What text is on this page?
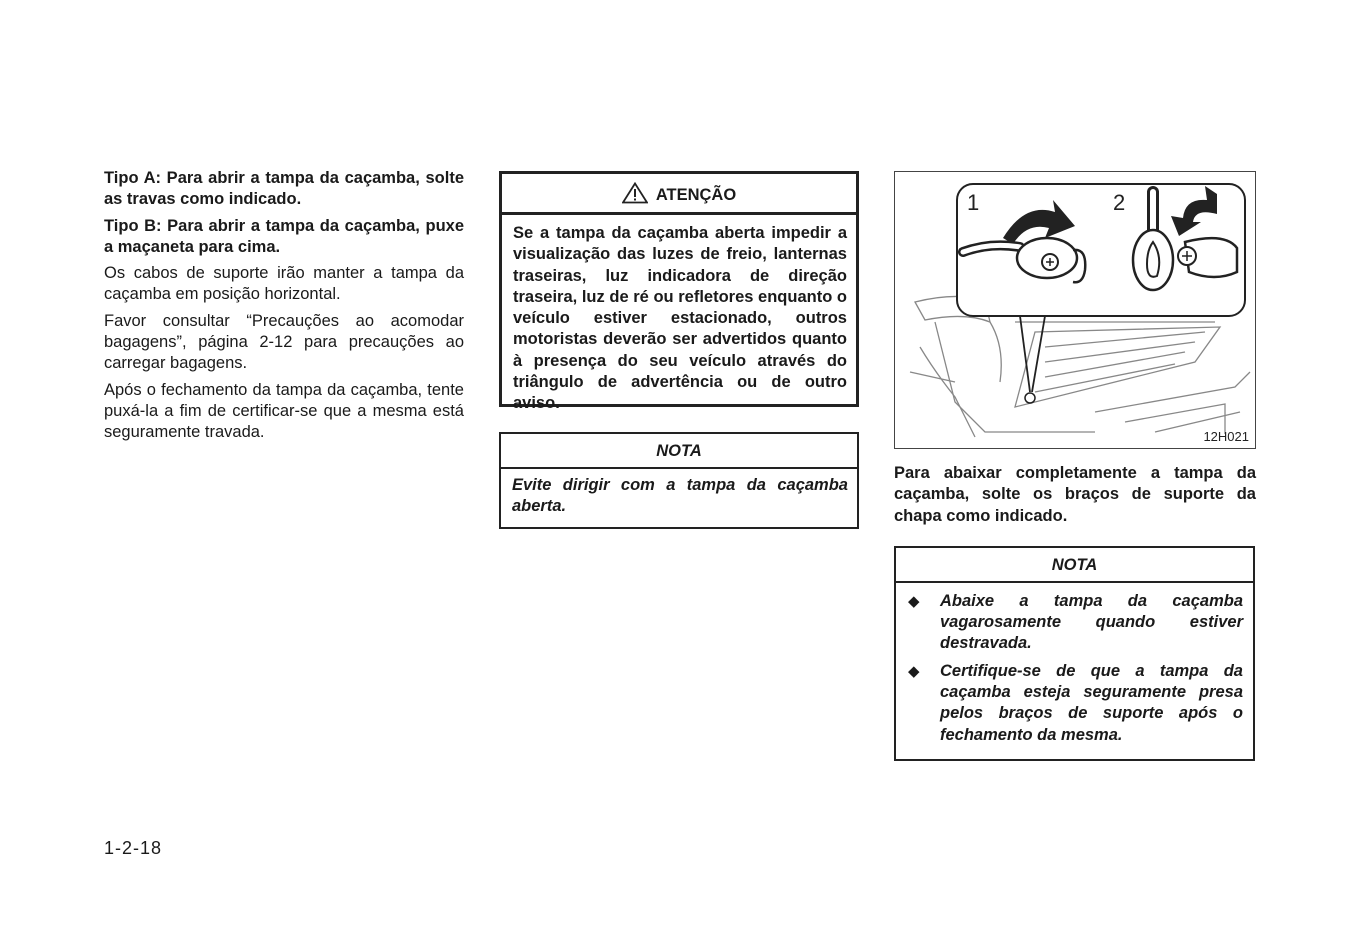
Tipo A: Para abrir a tampa da caçamba, solte as travas como indicado.

Tipo B: Para abrir a tampa da caçamba, puxe a maçaneta para cima.

Os cabos de suporte irão manter a tampa da caçamba em posição horizontal.

Favor consultar “Precauções ao acomodar bagagens”, página 2-12 para precauções ao carregar bagagens.

Após o fechamento da tampa da caçamba, tente puxá-la a fim de certificar-se que a mesma está seguramente travada.

ATENÇÃO
Se a tampa da caçamba aberta impedir a visualização das luzes de freio, lanternas traseiras, luz indicadora de direção traseira, luz de ré ou refletores enquanto o veículo estiver estacionado, outros motoristas deverão ser advertidos quanto à presença do seu veículo através do triângulo de advertência ou de outro aviso.
NOTA
Evite dirigir com a tampa da caçamba aberta.
1	2
12H021
Para abaixar completamente a tampa da caçamba, solte os braços de suporte da chapa como indicado.
NOTA
◆	Abaixe a tampa da caçamba vagarosamente quando estiver destravada.
◆	Certifique-se de que a tampa da caçamba esteja seguramente presa pelos braços de suporte após o fechamento da mesma.
1-2-18
